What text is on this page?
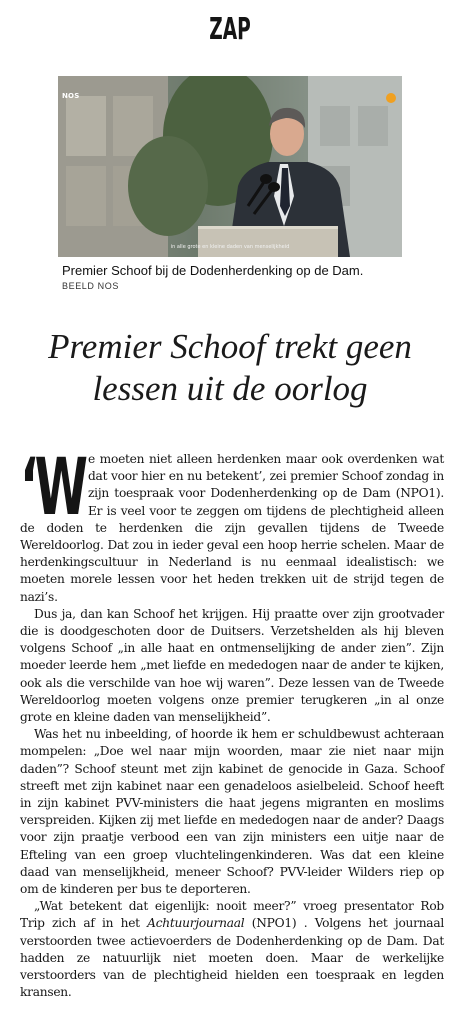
ZAP
NOS
in alle grote en kleine daden van menselijkheid
Premier Schoof bij de Dodenherdenking op de Dam.
BEELD NOS
Premier Schoof trekt geen lessen uit de oorlog

‘We moeten niet alleen herdenken maar ook overdenken wat dat voor hier en nu betekent’, zei premier Schoof zondag in zijn toespraak voor Dodenherdenking op de Dam (NPO1). Er is veel voor te zeggen om tijdens de plechtigheid alleen de doden te herdenken die zijn gevallen tijdens de Tweede Wereldoorlog. Dat zou in ieder geval een hoop herrie schelen. Maar de herdenkingscultuur in Nederland is nu eenmaal idealistisch: we moeten morele lessen voor het heden trekken uit de strijd tegen de nazi’s.

Dus ja, dan kan Schoof het krijgen. Hij praatte over zijn grootvader die is doodgeschoten door de Duitsers. Verzetshelden als hij bleven volgens Schoof „in alle haat en ontmenselijking de ander zien”. Zijn moeder leerde hem „met liefde en mededogen naar de ander te kijken, ook als die verschilde van hoe wij waren”. Deze lessen van de Tweede Wereldoorlog moeten volgens onze premier terugkeren „in al onze grote en kleine daden van menselijkheid”.

Was het nu inbeelding, of hoorde ik hem er schuldbewust achteraan mompelen: „Doe wel naar mijn woorden, maar zie niet naar mijn daden”? Schoof steunt met zijn kabinet de genocide in Gaza. Schoof streeft met zijn kabinet naar een genadeloos asielbeleid. Schoof heeft in zijn kabinet PVV-ministers die haat jegens migranten en moslims verspreiden. Kijken zij met liefde en mededogen naar de ander? Daags voor zijn praatje verbood een van zijn ministers een uitje naar de Efteling van een groep vluchtelingenkinderen. Was dat een kleine daad van menselijkheid, meneer Schoof? PVV-leider Wilders riep op om de kinderen per bus te deporteren.

„Wat betekent dat eigenlijk: nooit meer?” vroeg presentator Rob Trip zich af in het Achtuurjournaal (NPO1) . Volgens het journaal verstoorden twee actievoerders de Dodenherdenking op de Dam. Dat hadden ze natuurlijk niet moeten doen. Maar de werkelijke verstoorders van de plechtigheid hielden een toespraak en legden kransen.
